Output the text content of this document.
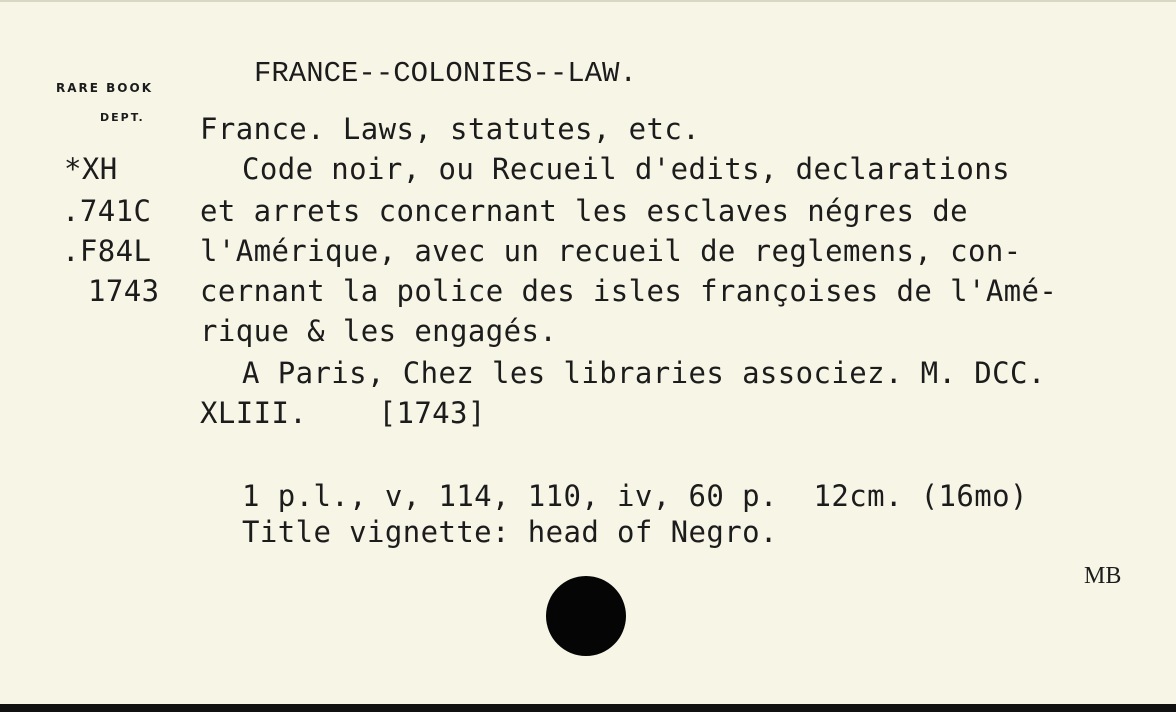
RARE BOOK
DEPT.
FRANCE--COLONIES--LAW.
France. Laws, statutes, etc.
*XH
.741C
.F84L
1743
Code noir, ou Recueil d'edits, declarations
et arrets concernant les esclaves négres de
l'Amérique, avec un recueil de reglemens, con-
cernant la police des isles françoises de l'Amé-
rique & les engagés.
A Paris, Chez les libraries associez. M. DCC.
XLIII.    [1743]
1 p.l., v, 114, 110, iv, 60 p.  12cm. (16mo)
Title vignette: head of Negro.
MB
